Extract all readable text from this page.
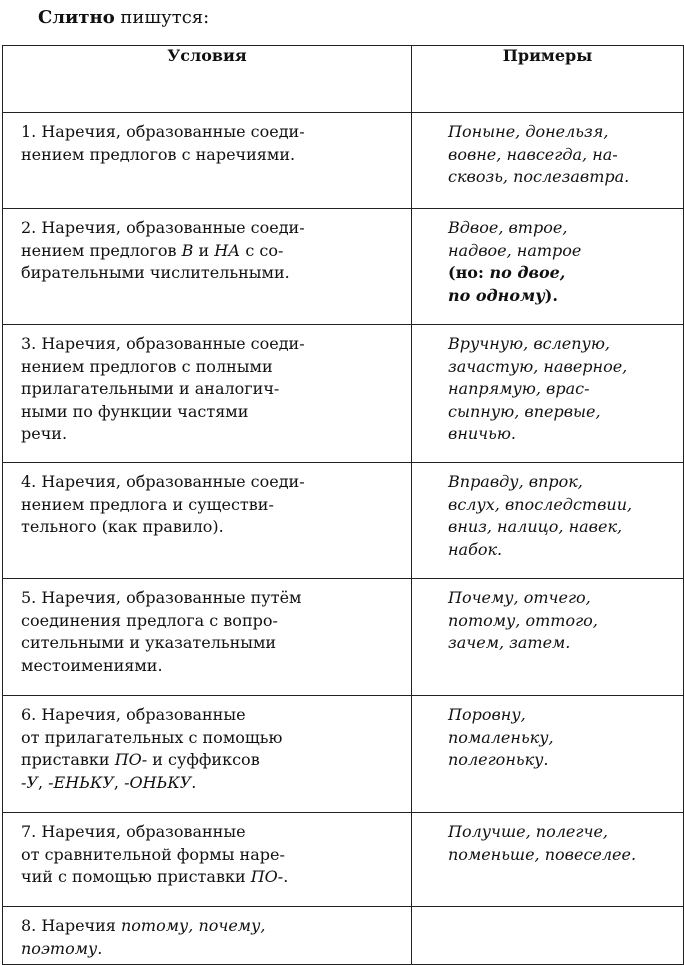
Слитно пишутся:
Условия	Примеры

1. Наречия, образованные соеди-
нением предлогов с наречиями.	Поныне, донельзя,
вовне, навсегда, на-
сквозь, послезавтра.

2. Наречия, образованные соеди-
нением предлогов В и НА с со-
бирательными числительными.	Вдвое, втрое,
надвое, натрое
(но: по двое,
по одному).

3. Наречия, образованные соеди-
нением предлогов с полными
прилагательными и аналогич-
ными по функции частями
речи.	Вручную, вслепую,
зачастую, наверное,
напрямую, врас-
сыпную, впервые,
вничью.

4. Наречия, образованные соеди-
нением предлога и существи-
тельного (как правило).	Вправду, впрок,
вслух, впоследствии,
вниз, налицо, навек,
набок.

5. Наречия, образованные путём
соединения предлога с вопро-
сительными и указательными
местоимениями.	Почему, отчего,
потому, оттого,
зачем, затем.

6. Наречия, образованные
от прилагательных с помощью
приставки ПО- и суффиксов
-У, -ЕНЬКУ, -ОНЬКУ.	Поровну,
помаленьку,
полегоньку.

7. Наречия, образованные
от сравнительной формы наре-
чий с помощью приставки ПО-.	Получше, полегче,
поменьше, повеселее.

8. Наречия потому, почему,
поэтому.	
